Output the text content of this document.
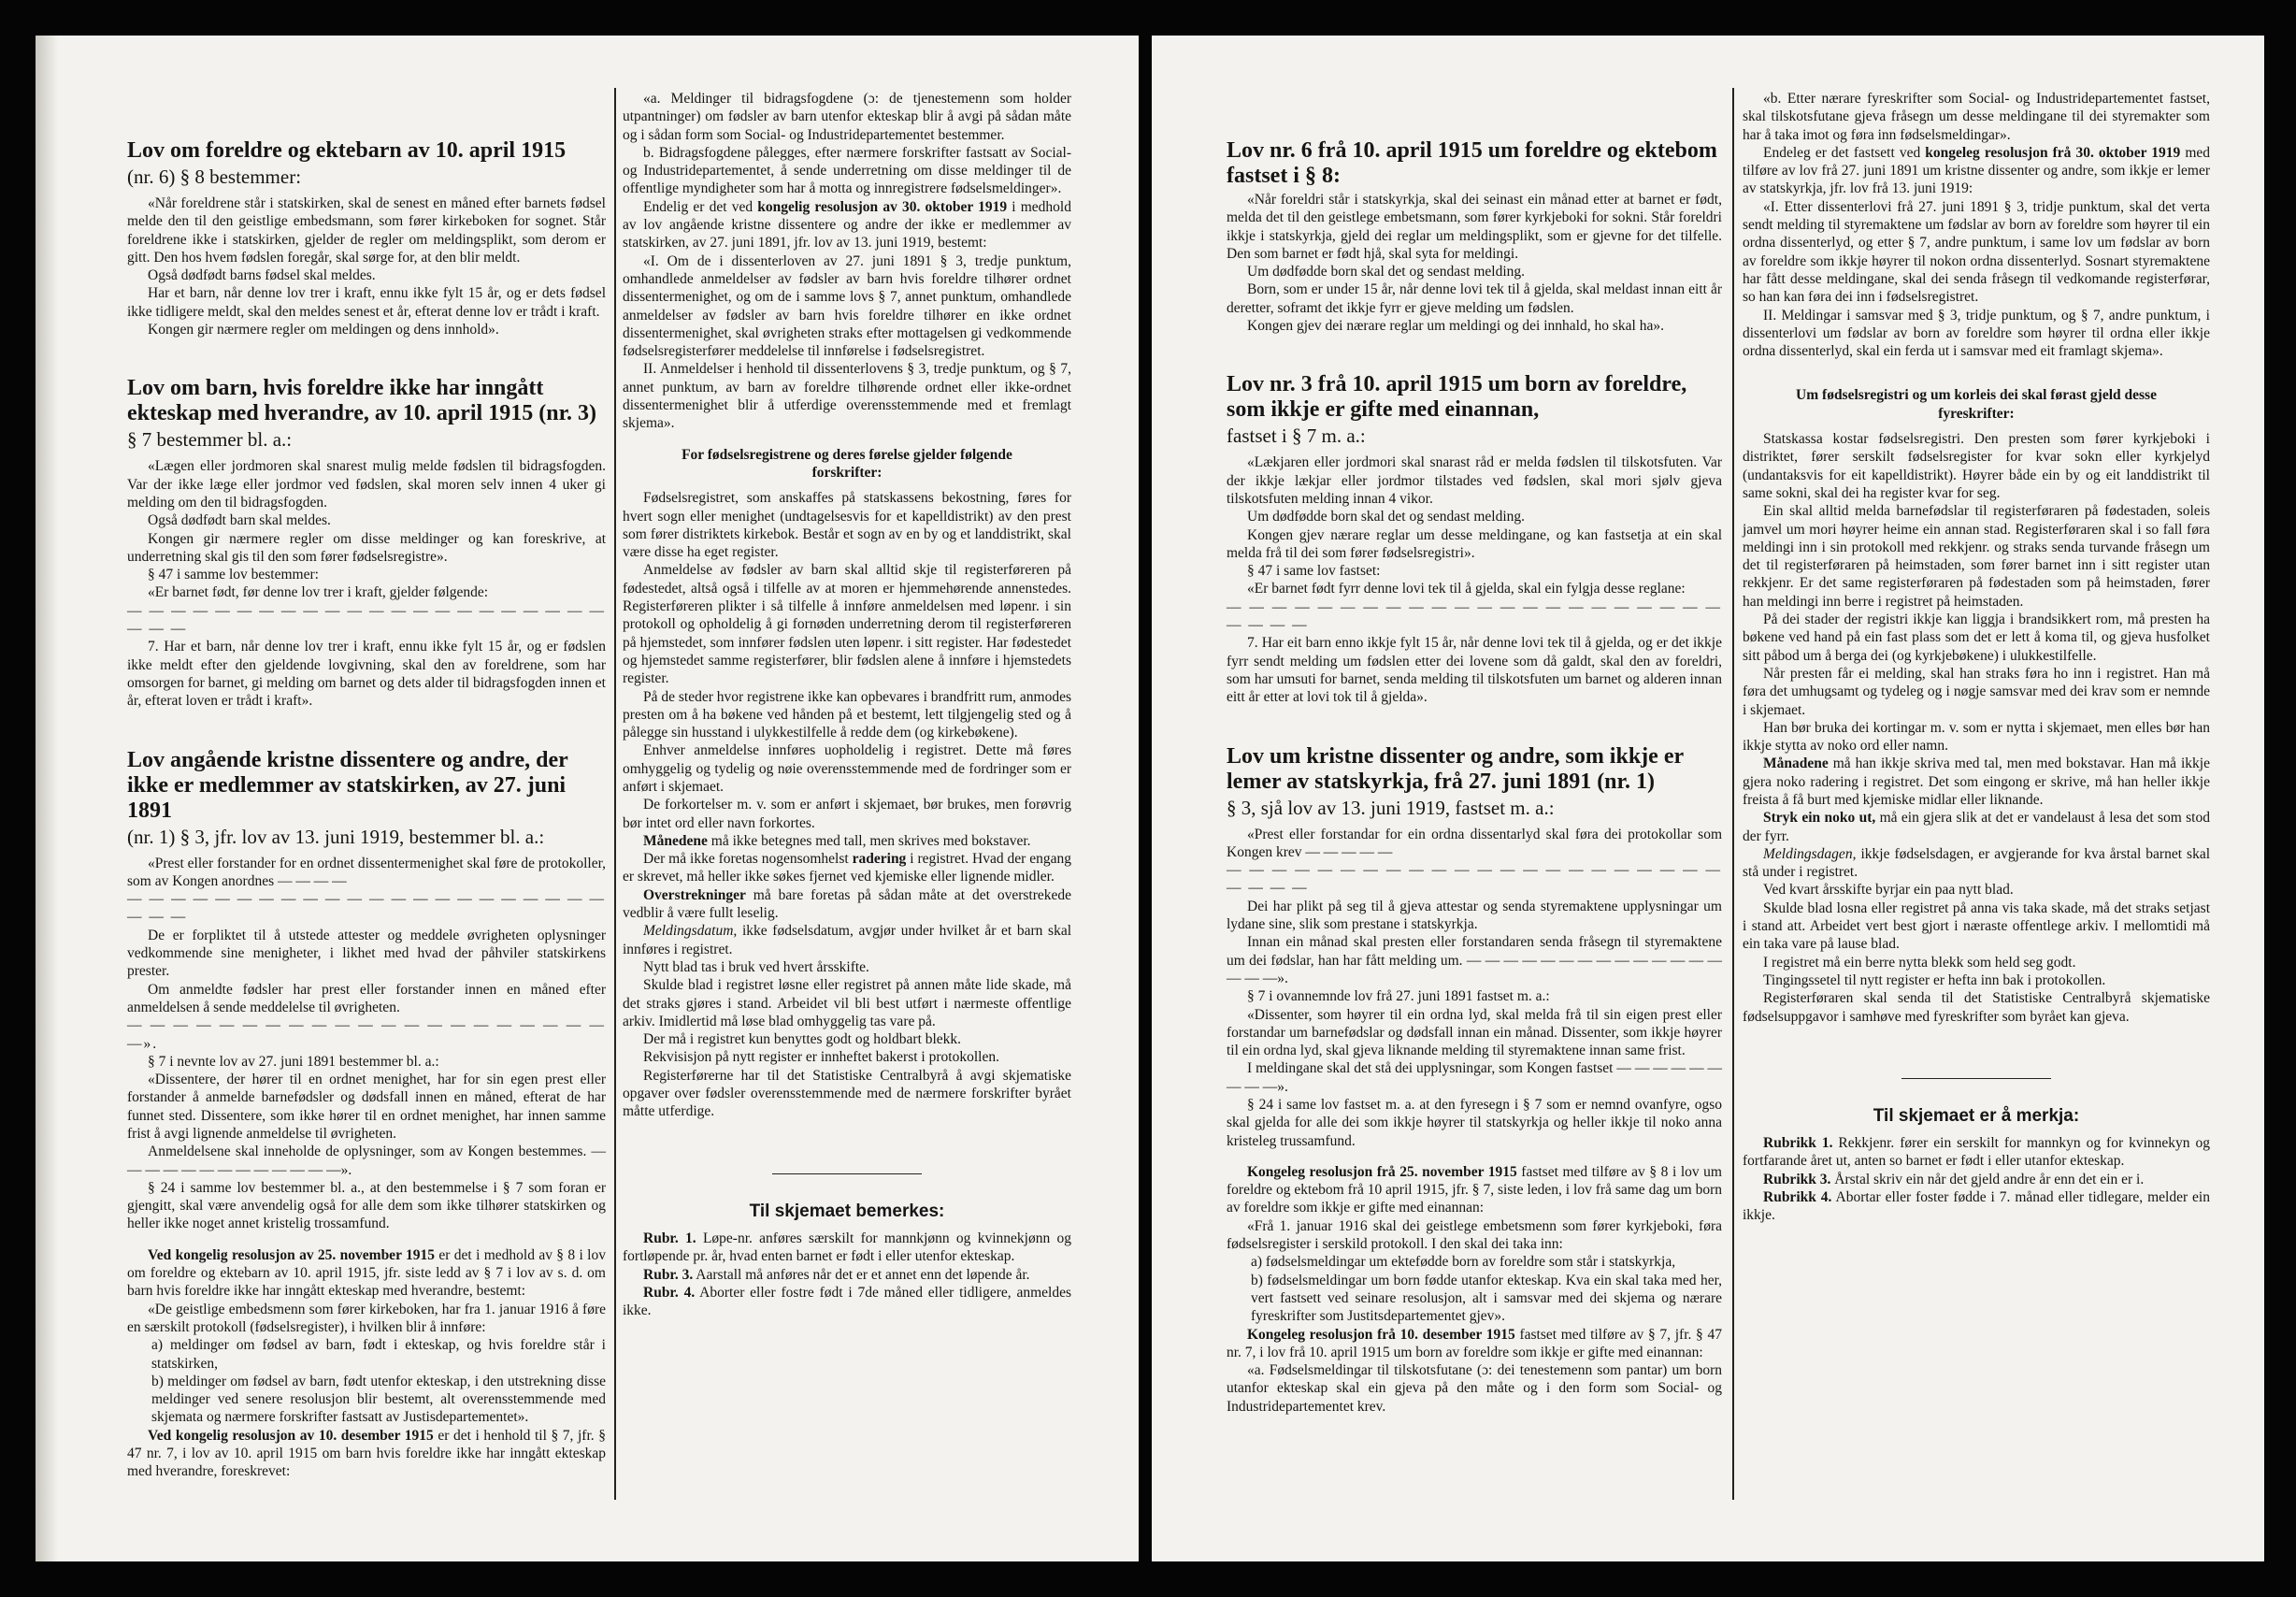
Lov om foreldre og ektebarn av 10. april 1915
(nr. 6) § 8 bestemmer:

«Når foreldrene står i statskirken, skal de senest en måned efter barnets fødsel melde den til den geistlige embedsmann, som fører kirkeboken for sognet. Står foreldrene ikke i statskirken, gjelder de regler om meldingsplikt, som derom er gitt. Den hos hvem fødslen foregår, skal sørge for, at den blir meldt.

Også dødfødt barns fødsel skal meldes.

Har et barn, når denne lov trer i kraft, ennu ikke fylt 15 år, og er dets fødsel ikke tidligere meldt, skal den meldes senest et år, efterat denne lov er trådt i kraft.

Kongen gir nærmere regler om meldingen og dens innhold».

Lov om barn, hvis foreldre ikke har inngått ekteskap med hverandre, av 10. april 1915 (nr. 3)
§ 7 bestemmer bl. a.:

«Lægen eller jordmoren skal snarest mulig melde fødslen til bidragsfogden. Var der ikke læge eller jordmor ved fødslen, skal moren selv innen 4 uker gi melding om den til bidragsfogden.

Også dødfødt barn skal meldes.

Kongen gir nærmere regler om disse meldinger og kan foreskrive, at underretning skal gis til den som fører fødselsregistre».

§ 47 i samme lov bestemmer:

«Er barnet født, før denne lov trer i kraft, gjelder følgende:

— — — — — — — — — — — — — — — — — — — — — — — — —

7. Har et barn, når denne lov trer i kraft, ennu ikke fylt 15 år, og er fødslen ikke meldt efter den gjeldende lovgivning, skal den av foreldrene, som har omsorgen for barnet, gi melding om barnet og dets alder til bidragsfogden innen et år, efterat loven er trådt i kraft».

Lov angående kristne dissentere og andre, der ikke er medlemmer av statskirken, av 27. juni 1891
(nr. 1) § 3, jfr. lov av 13. juni 1919, bestemmer bl. a.:

«Prest eller forstander for en ordnet dissentermenighet skal føre de protokoller, som av Kongen anordnes — — — —

— — — — — — — — — — — — — — — — — — — — — — — — —

De er forpliktet til å utstede attester og meddele øvrigheten oplysninger vedkommende sine menigheter, i likhet med hvad der påhviler statskirkens prester.

Om anmeldte fødsler har prest eller forstander innen en måned efter anmeldelsen å sende meddelelse til øvrigheten.

— — — — — — — — — — — — — — — — — — — — — —».

§ 7 i nevnte lov av 27. juni 1891 bestemmer bl. a.:

«Dissentere, der hører til en ordnet menighet, har for sin egen prest eller forstander å anmelde barnefødsler og dødsfall innen en måned, efterat de har funnet sted. Dissentere, som ikke hører til en ordnet menighet, har innen samme frist å avgi lignende anmeldelse til øvrigheten.

Anmeldelsene skal inneholde de oplysninger, som av Kongen bestemmes. — — — — — — — — — — — — —».

§ 24 i samme lov bestemmer bl. a., at den bestemmelse i § 7 som foran er gjengitt, skal være anvendelig også for alle dem som ikke tilhører statskirken og heller ikke noget annet kristelig trossamfund.

Ved kongelig resolusjon av 25. november 1915 er det i medhold av § 8 i lov om foreldre og ektebarn av 10. april 1915, jfr. siste ledd av § 7 i lov av s. d. om barn hvis foreldre ikke har inngått ekteskap med hverandre, bestemt:

«De geistlige embedsmenn som fører kirkeboken, har fra 1. januar 1916 å føre en særskilt protokoll (fødselsregister), i hvilken blir å innføre:

a) meldinger om fødsel av barn, født i ekteskap, og hvis foreldre står i statskirken,

b) meldinger om fødsel av barn, født utenfor ekteskap, i den utstrekning disse meldinger ved senere resolusjon blir bestemt, alt overensstemmende med skjemata og nærmere forskrifter fastsatt av Justisdepartementet».

Ved kongelig resolusjon av 10. desember 1915 er det i henhold til § 7, jfr. § 47 nr. 7, i lov av 10. april 1915 om barn hvis foreldre ikke har inngått ekteskap med hverandre, foreskrevet:

«a. Meldinger til bidragsfogdene (ɔ: de tjenestemenn som holder utpantninger) om fødsler av barn utenfor ekteskap blir å avgi på sådan måte og i sådan form som Social- og Industridepartementet bestemmer.

b. Bidragsfogdene pålegges, efter nærmere forskrifter fastsatt av Social- og Industridepartementet, å sende underretning om disse meldinger til de offentlige myndigheter som har å motta og innregistrere fødselsmeldinger».

Endelig er det ved kongelig resolusjon av 30. oktober 1919 i medhold av lov angående kristne dissentere og andre der ikke er medlemmer av statskirken, av 27. juni 1891, jfr. lov av 13. juni 1919, bestemt:

«I. Om de i dissenterloven av 27. juni 1891 § 3, tredje punktum, omhandlede anmeldelser av fødsler av barn hvis foreldre tilhører ordnet dissentermenighet, og om de i samme lovs § 7, annet punktum, omhandlede anmeldelser av fødsler av barn hvis foreldre tilhører en ikke ordnet dissentermenighet, skal øvrigheten straks efter mottagelsen gi vedkommende fødselsregisterfører meddelelse til innførelse i fødselsregistret.

II. Anmeldelser i henhold til dissenterlovens § 3, tredje punktum, og § 7, annet punktum, av barn av foreldre tilhørende ordnet eller ikke-ordnet dissentermenighet blir å utferdige overensstemmende med et fremlagt skjema».

For fødselsregistrene og deres førelse gjelder følgende forskrifter:

Fødselsregistret, som anskaffes på statskassens bekostning, føres for hvert sogn eller menighet (undtagelsesvis for et kapelldistrikt) av den prest som fører distriktets kirkebok. Består et sogn av en by og et landdistrikt, skal være disse ha eget register.

Anmeldelse av fødsler av barn skal alltid skje til registerføreren på fødestedet, altså også i tilfelle av at moren er hjemmehørende annenstedes. Registerføreren plikter i så tilfelle å innføre anmeldelsen med løpenr. i sin protokoll og opholdelig å gi fornøden underretning derom til registerføreren på hjemstedet, som innfører fødslen uten løpenr. i sitt register. Har fødestedet og hjemstedet samme registerfører, blir fødslen alene å innføre i hjemstedets register.

På de steder hvor registrene ikke kan opbevares i brandfritt rum, anmodes presten om å ha bøkene ved hånden på et bestemt, lett tilgjengelig sted og å pålegge sin husstand i ulykkestilfelle å redde dem (og kirkebøkene).

Enhver anmeldelse innføres uopholdelig i registret. Dette må føres omhyggelig og tydelig og nøie overensstemmende med de fordringer som er anført i skjemaet.

De forkortelser m. v. som er anført i skjemaet, bør brukes, men forøvrig bør intet ord eller navn forkortes.

Månedene må ikke betegnes med tall, men skrives med bokstaver.

Der må ikke foretas nogensomhelst radering i registret. Hvad der engang er skrevet, må heller ikke søkes fjernet ved kjemiske eller lignende midler.

Overstrekninger må bare foretas på sådan måte at det overstrekede vedblir å være fullt leselig.

Meldingsdatum, ikke fødselsdatum, avgjør under hvilket år et barn skal innføres i registret.

Nytt blad tas i bruk ved hvert årsskifte.

Skulde blad i registret løsne eller registret på annen måte lide skade, må det straks gjøres i stand. Arbeidet vil bli best utført i nærmeste offentlige arkiv. Imidlertid må løse blad omhyggelig tas vare på.

Der må i registret kun benyttes godt og holdbart blekk.

Rekvisisjon på nytt register er innheftet bakerst i protokollen.

Registerførerne har til det Statistiske Centralbyrå å avgi skjematiske opgaver over fødsler overensstemmende med de nærmere forskrifter byrået måtte utferdige.

Til skjemaet bemerkes:

Rubr. 1. Løpe-nr. anføres særskilt for mannkjønn og kvinnekjønn og fortløpende pr. år, hvad enten barnet er født i eller utenfor ekteskap.

Rubr. 3. Aarstall må anføres når det er et annet enn det løpende år.

Rubr. 4. Aborter eller fostre født i 7de måned eller tidligere, anmeldes ikke.

Lov nr. 6 frå 10. april 1915 um foreldre og ektebom fastset i § 8:

«Når foreldri står i statskyrkja, skal dei seinast ein månad etter at barnet er født, melda det til den geistlege embetsmann, som fører kyrkjeboki for sokni. Står foreldri ikkje i statskyrkja, gjeld dei reglar um meldingsplikt, som er gjevne for det tilfelle. Den som barnet er født hjå, skal syta for meldingi.

Um dødfødde born skal det og sendast melding.

Born, som er under 15 år, når denne lovi tek til å gjelda, skal meldast innan eitt år deretter, soframt det ikkje fyrr er gjeve melding um fødslen.

Kongen gjev dei nærare reglar um meldingi og dei innhald, ho skal ha».

Lov nr. 3 frå 10. april 1915 um born av foreldre, som ikkje er gifte med einannan,
fastset i § 7 m. a.:

«Lækjaren eller jordmori skal snarast råd er melda fødslen til tilskotsfuten. Var der ikkje lækjar eller jordmor tilstades ved fødslen, skal mori sjølv gjeva tilskotsfuten melding innan 4 vikor.

Um dødfødde born skal det og sendast melding.

Kongen gjev nærare reglar um desse meldingane, og kan fastsetja at ein skal melda frå til dei som fører fødselsregistri».

§ 47 i same lov fastset:

«Er barnet født fyrr denne lovi tek til å gjelda, skal ein fylgja desse reglane:

— — — — — — — — — — — — — — — — — — — — — — — — — —

7. Har eit barn enno ikkje fylt 15 år, når denne lovi tek til å gjelda, og er det ikkje fyrr sendt melding um fødslen etter dei lovene som då galdt, skal den av foreldri, som har umsuti for barnet, senda melding til tilskotsfuten um barnet og alderen innan eitt år etter at lovi tok til å gjelda».

Lov um kristne dissenter og andre, som ikkje er lemer av statskyrkja, frå 27. juni 1891 (nr. 1)
§ 3, sjå lov av 13. juni 1919, fastset m. a.:

«Prest eller forstandar for ein ordna dissentarlyd skal føra dei protokollar som Kongen krev — — — — —

— — — — — — — — — — — — — — — — — — — — — — — — — —

Dei har plikt på seg til å gjeva attestar og senda styremaktene upplysningar um lydane sine, slik som prestane i statskyrkja.

Innan ein månad skal presten eller forstandaren senda fråsegn til styremaktene um dei fødslar, han har fått melding um. — — — — — — — — — — — — — — — — —».

§ 7 i ovannemnde lov frå 27. juni 1891 fastset m. a.:

«Dissenter, som høyrer til ein ordna lyd, skal melda frå til sin eigen prest eller forstandar um barnefødslar og dødsfall innan ein månad. Dissenter, som ikkje høyrer til ein ordna lyd, skal gjeva liknande melding til styremaktene innan same frist.

I meldingane skal det stå dei upplysningar, som Kongen fastset — — — — — — — — —».

§ 24 i same lov fastset m. a. at den fyresegn i § 7 som er nemnd ovanfyre, ogso skal gjelda for alle dei som ikkje høyrer til statskyrkja og heller ikkje til noko anna kristeleg trussamfund.

Kongeleg resolusjon frå 25. november 1915 fastset med tilføre av § 8 i lov um foreldre og ektebom frå 10 april 1915, jfr. § 7, siste leden, i lov frå same dag um born av foreldre som ikkje er gifte med einannan:

«Frå 1. januar 1916 skal dei geistlege embetsmenn som fører kyrkjeboki, føra fødselsregister i serskild protokoll. I den skal dei taka inn:

a) fødselsmeldingar um ektefødde born av foreldre som står i statskyrkja,

b) fødselsmeldingar um born fødde utanfor ekteskap. Kva ein skal taka med her, vert fastsett ved seinare resolusjon, alt i samsvar med dei skjema og nærare fyreskrifter som Justitsdepartementet gjev».

Kongeleg resolusjon frå 10. desember 1915 fastset med tilføre av § 7, jfr. § 47 nr. 7, i lov frå 10. april 1915 um born av foreldre som ikkje er gifte med einannan:

«a. Fødselsmeldingar til tilskotsfutane (ɔ: dei tenestemenn som pantar) um born utanfor ekteskap skal ein gjeva på den måte og i den form som Social- og Industridepartementet krev.

«b. Etter nærare fyreskrifter som Social- og Industridepartementet fastset, skal tilskotsfutane gjeva fråsegn um desse meldingane til dei styremakter som har å taka imot og føra inn fødselsmeldingar».

Endeleg er det fastsett ved kongeleg resolusjon frå 30. oktober 1919 med tilføre av lov frå 27. juni 1891 um kristne dissenter og andre, som ikkje er lemer av statskyrkja, jfr. lov frå 13. juni 1919:

«I. Etter dissenterlovi frå 27. juni 1891 § 3, tridje punktum, skal det verta sendt melding til styremaktene um fødslar av born av foreldre som høyrer til ein ordna dissenterlyd, og etter § 7, andre punktum, i same lov um fødslar av born av foreldre som ikkje høyrer til nokon ordna dissenterlyd. Sosnart styremaktene har fått desse meldingane, skal dei senda fråsegn til vedkomande registerførar, so han kan føra dei inn i fødselsregistret.

II. Meldingar i samsvar med § 3, tridje punktum, og § 7, andre punktum, i dissenterlovi um fødslar av born av foreldre som høyrer til ordna eller ikkje ordna dissenterlyd, skal ein ferda ut i samsvar med eit framlagt skjema».

Um fødselsregistri og um korleis dei skal førast gjeld desse fyreskrifter:

Statskassa kostar fødselsregistri. Den presten som fører kyrkjeboki i distriktet, fører serskilt fødselsregister for kvar sokn eller kyrkjelyd (undantaksvis for eit kapelldistrikt). Høyrer både ein by og eit landdistrikt til same sokni, skal dei ha register kvar for seg.

Ein skal alltid melda barnefødslar til registerføraren på fødestaden, soleis jamvel um mori høyrer heime ein annan stad. Registerføraren skal i so fall føra meldingi inn i sin protokoll med rekkjenr. og straks senda turvande fråsegn um det til registerføraren på heimstaden, som fører barnet inn i sitt register utan rekkjenr. Er det same registerføraren på fødestaden som på heimstaden, fører han meldingi inn berre i registret på heimstaden.

På dei stader der registri ikkje kan liggja i brandsikkert rom, må presten ha bøkene ved hand på ein fast plass som det er lett å koma til, og gjeva husfolket sitt påbod um å berga dei (og kyrkjebøkene) i ulukkestilfelle.

Når presten får ei melding, skal han straks føra ho inn i registret. Han må føra det umhugsamt og tydeleg og i nøgje samsvar med dei krav som er nemnde i skjemaet.

Han bør bruka dei kortingar m. v. som er nytta i skjemaet, men elles bør han ikkje stytta av noko ord eller namn.

Månadene må han ikkje skriva med tal, men med bokstavar. Han må ikkje gjera noko radering i registret. Det som eingong er skrive, må han heller ikkje freista å få burt med kjemiske midlar eller liknande.

Stryk ein noko ut, må ein gjera slik at det er vandelaust å lesa det som stod der fyrr.

Meldingsdagen, ikkje fødselsdagen, er avgjerande for kva årstal barnet skal stå under i registret.

Ved kvart årsskifte byrjar ein paa nytt blad.

Skulde blad losna eller registret på anna vis taka skade, må det straks setjast i stand att. Arbeidet vert best gjort i næraste offentlege arkiv. I mellomtidi må ein taka vare på lause blad.

I registret må ein berre nytta blekk som held seg godt.

Tingingssetel til nytt register er hefta inn bak i protokollen.

Registerføraren skal senda til det Statistiske Centralbyrå skjematiske fødselsuppgavor i samhøve med fyreskrifter som byrået kan gjeva.

Til skjemaet er å merkja:

Rubrikk 1. Rekkjenr. fører ein serskilt for mannkyn og for kvinnekyn og fortfarande året ut, anten so barnet er født i eller utanfor ekteskap.

Rubrikk 3. Årstal skriv ein når det gjeld andre år enn det ein er i.

Rubrikk 4. Abortar eller foster fødde i 7. månad eller tidlegare, melder ein ikkje.
